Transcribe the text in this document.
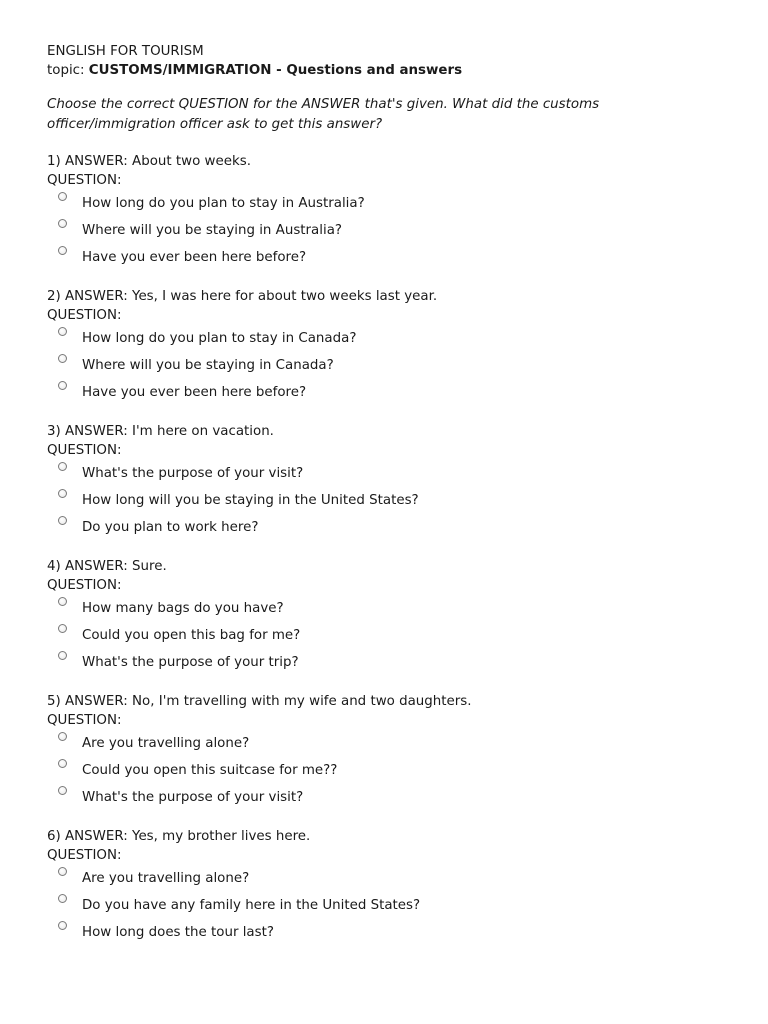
ENGLISH FOR TOURISM
topic: CUSTOMS/IMMIGRATION - Questions and answers
Choose the correct QUESTION for the ANSWER that's given. What did the customs officer/immigration officer ask to get this answer?
1) ANSWER: About two weeks.
QUESTION:
How long do you plan to stay in Australia?
Where will you be staying in Australia?
Have you ever been here before?
2) ANSWER: Yes, I was here for about two weeks last year.
QUESTION:
How long do you plan to stay in Canada?
Where will you be staying in Canada?
Have you ever been here before?
3) ANSWER: I'm here on vacation.
QUESTION:
What's the purpose of your visit?
How long will you be staying in the United States?
Do you plan to work here?
4) ANSWER: Sure.
QUESTION:
How many bags do you have?
Could you open this bag for me?
What's the purpose of your trip?
5) ANSWER: No, I'm travelling with my wife and two daughters.
QUESTION:
Are you travelling alone?
Could you open this suitcase for me??
What's the purpose of your visit?
6) ANSWER: Yes, my brother lives here.
QUESTION:
Are you travelling alone?
Do you have any family here in the United States?
How long does the tour last?
